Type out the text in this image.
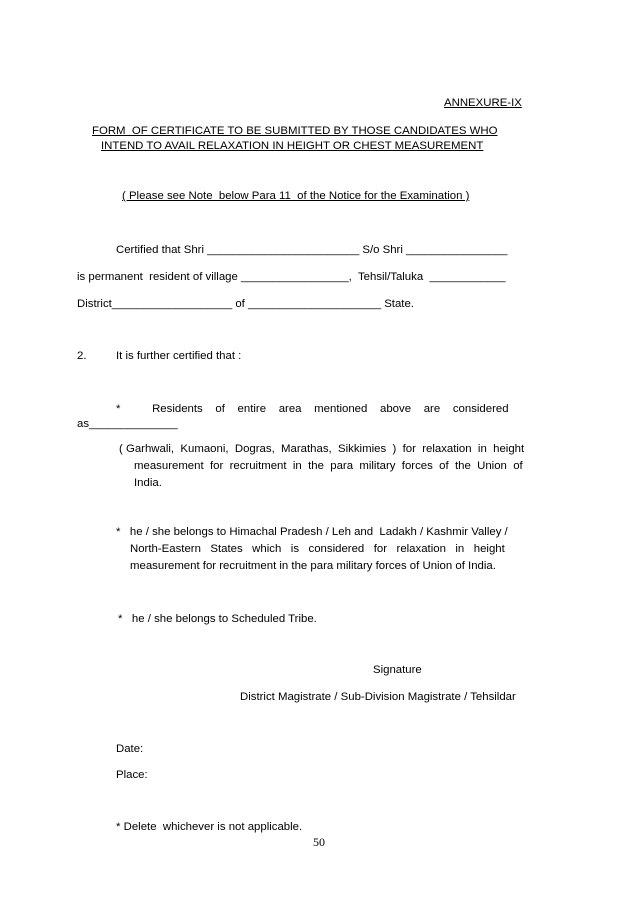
ANNEXURE-IX
FORM  OF CERTIFICATE TO BE SUBMITTED BY THOSE CANDIDATES WHO
INTEND TO AVAIL RELAXATION IN HEIGHT OR CHEST MEASUREMENT
( Please see Note  below Para 11  of the Notice for the Examination )
Certified that Shri ________________________ S/o Shri ________________
is permanent  resident of village _________________,  Tehsil/Taluka  ____________
District___________________ of _____________________ State.
2.	It is further certified that :
*          Residents    of    entire    area    mentioned    above    are    considered
as______________
( Garhwali,  Kumaoni,  Dogras,  Marathas,  Sikkimies  )  for  relaxation  in  height
measurement  for  recruitment  in  the  para  military  forces  of  the  Union  of
India.
*   he / she belongs to Himachal Pradesh / Leh and  Ladakh / Kashmir Valley /
North-Eastern   States   which   is   considered   for   relaxation   in   height
measurement for recruitment in the para military forces of Union of India.
*   he / she belongs to Scheduled Tribe.
Signature
District Magistrate / Sub-Division Magistrate / Tehsildar
Date:
Place:
* Delete  whichever is not applicable.
50
